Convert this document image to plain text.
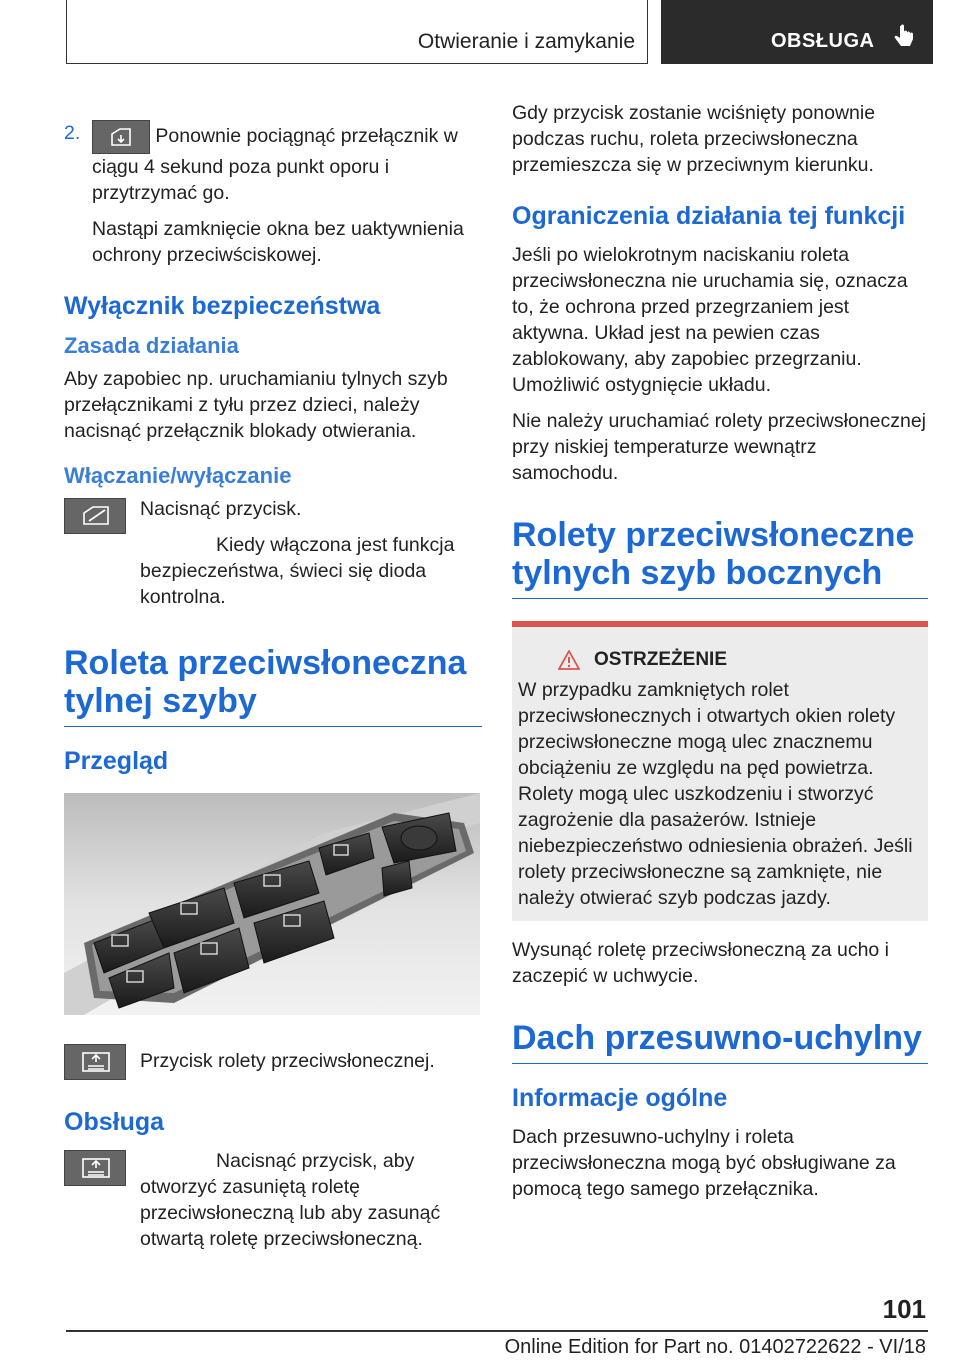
Otwieranie i zamykanie	OBSŁUGA
2.	Ponownie pociągnąć przełącznik w ciągu 4 sekund poza punkt oporu i przytrzymać go.

Nastąpi zamknięcie okna bez uaktywnienia ochrony przeciwściskowej.

Wyłącznik bezpieczeństwa
Zasada działania

Aby zapobiec np. uruchamianiu tylnych szyb przełącznikami z tyłu przez dzieci, należy nacisnąć przełącznik blokady otwierania.

Włączanie/wyłączanie

Nacisnąć przycisk.

Kiedy włączona jest funkcja bezpieczeństwa, świeci się dioda kontrolna.

Roleta przeciwsłoneczna tylnej szyby
Przegląd

Przycisk rolety przeciwsłonecznej.

Obsługa

Nacisnąć przycisk, aby otworzyć zasuniętą roletę przeciwsłoneczną lub aby zasunąć otwartą roletę przeciwsłoneczną.

Gdy przycisk zostanie wciśnięty ponownie podczas ruchu, roleta przeciwsłoneczna przemieszcza się w przeciwnym kierunku.

Ograniczenia działania tej funkcji

Jeśli po wielokrotnym naciskaniu roleta przeciwsłoneczna nie uruchamia się, oznacza to, że ochrona przed przegrzaniem jest aktywna. Układ jest na pewien czas zablokowany, aby zapobiec przegrzaniu. Umożliwić ostygnięcie układu.

Nie należy uruchamiać rolety przeciwsłonecznej przy niskiej temperaturze wewnątrz samochodu.

Rolety przeciwsłoneczne tylnych szyb bocznych
OSTRZEŻENIE
W przypadku zamkniętych rolet przeciwsłonecznych i otwartych okien rolety przeciwsłoneczne mogą ulec znacznemu obciążeniu ze względu na pęd powietrza. Rolety mogą ulec uszkodzeniu i stworzyć zagrożenie dla pasażerów. Istnieje niebezpieczeństwo odniesienia obrażeń. Jeśli rolety przeciwsłoneczne są zamknięte, nie należy otwierać szyb podczas jazdy.

Wysunąć roletę przeciwsłoneczną za ucho i zaczepić w uchwycie.

Dach przesuwno-uchylny
Informacje ogólne

Dach przesuwno-uchylny i roleta przeciwsłoneczna mogą być obsługiwane za pomocą tego samego przełącznika.

101
Online Edition for Part no. 01402722622 - VI/18
